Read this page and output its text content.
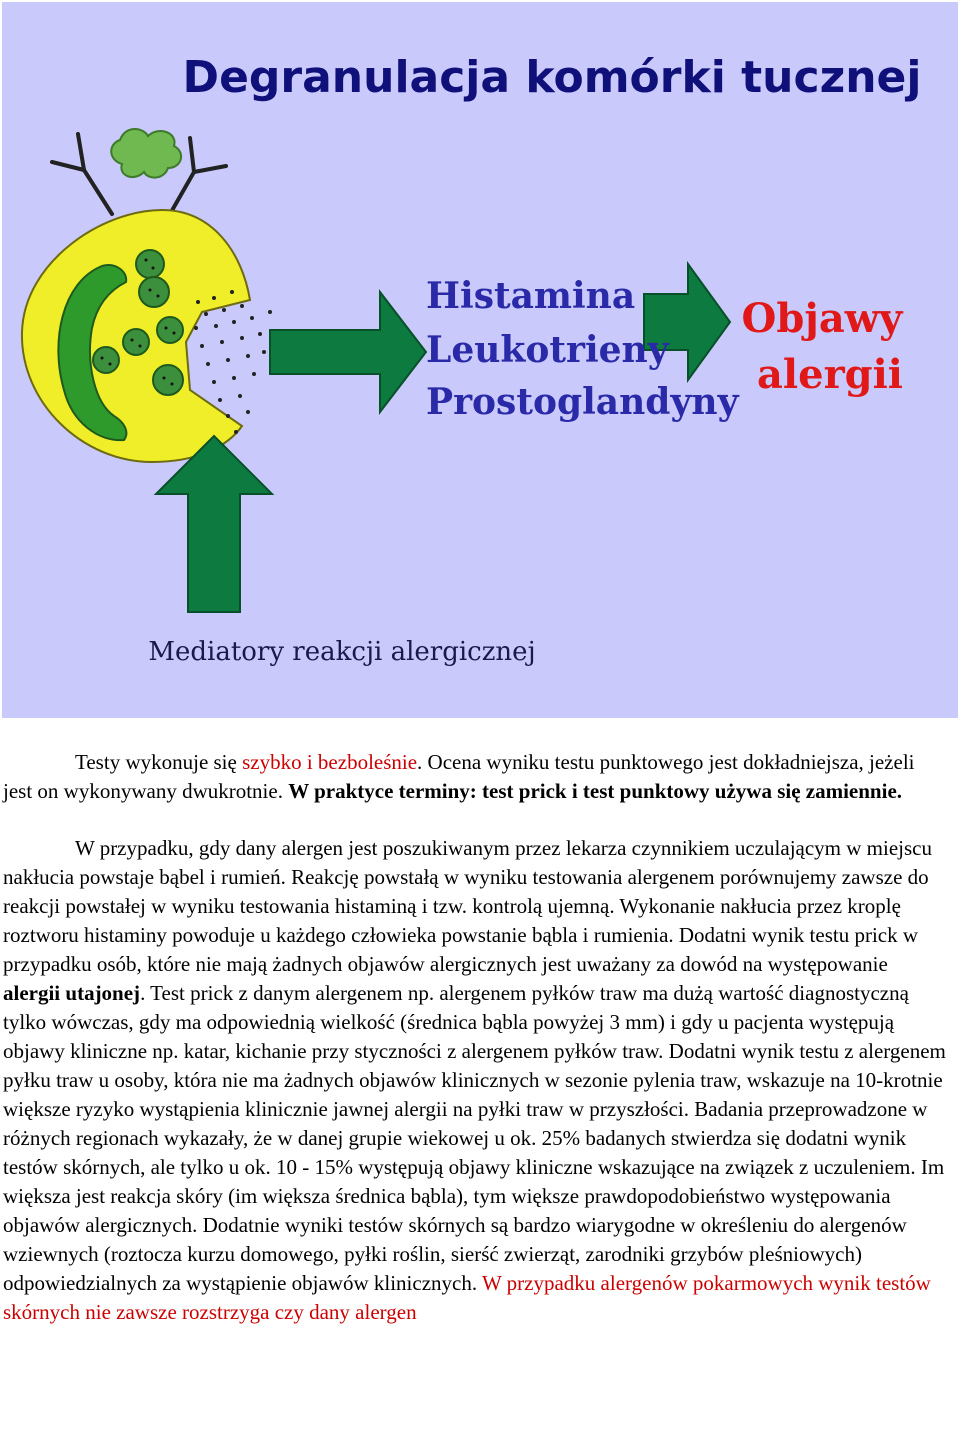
Degranulacja komórki tucznej
Histamina
Leukotrieny
Prostoglandyny
Objawy
alergii
Mediatory reakcji alergicznej

Testy wykonuje się szybko i bezboleśnie. Ocena wyniku testu punktowego jest dokładniejsza, jeżeli jest on wykonywany dwukrotnie. W praktyce terminy: test prick i test punktowy używa się zamiennie.

W przypadku, gdy dany alergen jest poszukiwanym przez lekarza czynnikiem uczulającym w miejscu nakłucia powstaje bąbel i rumień. Reakcję powstałą w wyniku testowania alergenem porównujemy zawsze do reakcji powstałej w wyniku testowania histaminą i tzw. kontrolą ujemną. Wykonanie nakłucia przez kroplę roztworu histaminy powoduje u każdego człowieka powstanie bąbla i rumienia. Dodatni wynik testu prick w przypadku osób, które nie mają żadnych objawów alergicznych jest uważany za dowód na występowanie alergii utajonej. Test prick z danym alergenem np. alergenem pyłków traw ma dużą wartość diagnostyczną tylko wówczas, gdy ma odpowiednią wielkość (średnica bąbla powyżej 3 mm) i gdy u pacjenta występują objawy kliniczne np. katar, kichanie przy styczności z alergenem pyłków traw. Dodatni wynik testu z alergenem pyłku traw u osoby, która nie ma żadnych objawów klinicznych w sezonie pylenia traw, wskazuje na 10-krotnie większe ryzyko wystąpienia klinicznie jawnej alergii na pyłki traw w przyszłości. Badania przeprowadzone w różnych regionach wykazały, że w danej grupie wiekowej u ok. 25% badanych stwierdza się dodatni wynik testów skórnych, ale tylko u ok. 10 - 15% występują objawy kliniczne wskazujące na związek z uczuleniem. Im większa jest reakcja skóry (im większa średnica bąbla), tym większe prawdopodobieństwo występowania objawów alergicznych. Dodatnie wyniki testów skórnych są bardzo wiarygodne w określeniu do alergenów wziewnych (roztocza kurzu domowego, pyłki roślin, sierść zwierząt, zarodniki grzybów pleśniowych) odpowiedzialnych za wystąpienie objawów klinicznych. W przypadku alergenów pokarmowych wynik testów skórnych nie zawsze rozstrzyga czy dany alergen
